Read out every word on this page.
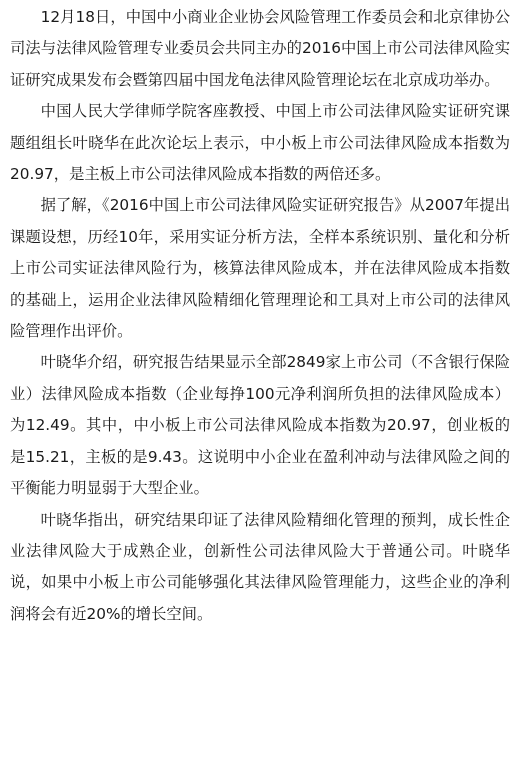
12月18日，中国中小商业企业协会风险管理工作委员会和北京律协公司法与法律风险管理专业委员会共同主办的2016中国上市公司法律风险实证研究成果发布会暨第四届中国龙龟法律风险管理论坛在北京成功举办。

中国人民大学律师学院客座教授、中国上市公司法律风险实证研究课题组组长叶晓华在此次论坛上表示，中小板上市公司法律风险成本指数为20.97，是主板上市公司法律风险成本指数的两倍还多。

据了解，《2016中国上市公司法律风险实证研究报告》从2007年提出课题设想，历经10年，采用实证分析方法，全样本系统识别、量化和分析上市公司实证法律风险行为，核算法律风险成本，并在法律风险成本指数的基础上，运用企业法律风险精细化管理理论和工具对上市公司的法律风险管理作出评价。

叶晓华介绍，研究报告结果显示全部2849家上市公司（不含银行保险业）法律风险成本指数（企业每挣100元净利润所负担的法律风险成本）为12.49。其中，中小板上市公司法律风险成本指数为20.97，创业板的是15.21，主板的是9.43。这说明中小企业在盈利冲动与法律风险之间的平衡能力明显弱于大型企业。

叶晓华指出，研究结果印证了法律风险精细化管理的预判，成长性企业法律风险大于成熟企业，创新性公司法律风险大于普通公司。叶晓华说，如果中小板上市公司能够强化其法律风险管理能力，这些企业的净利润将会有近20%的增长空间。
